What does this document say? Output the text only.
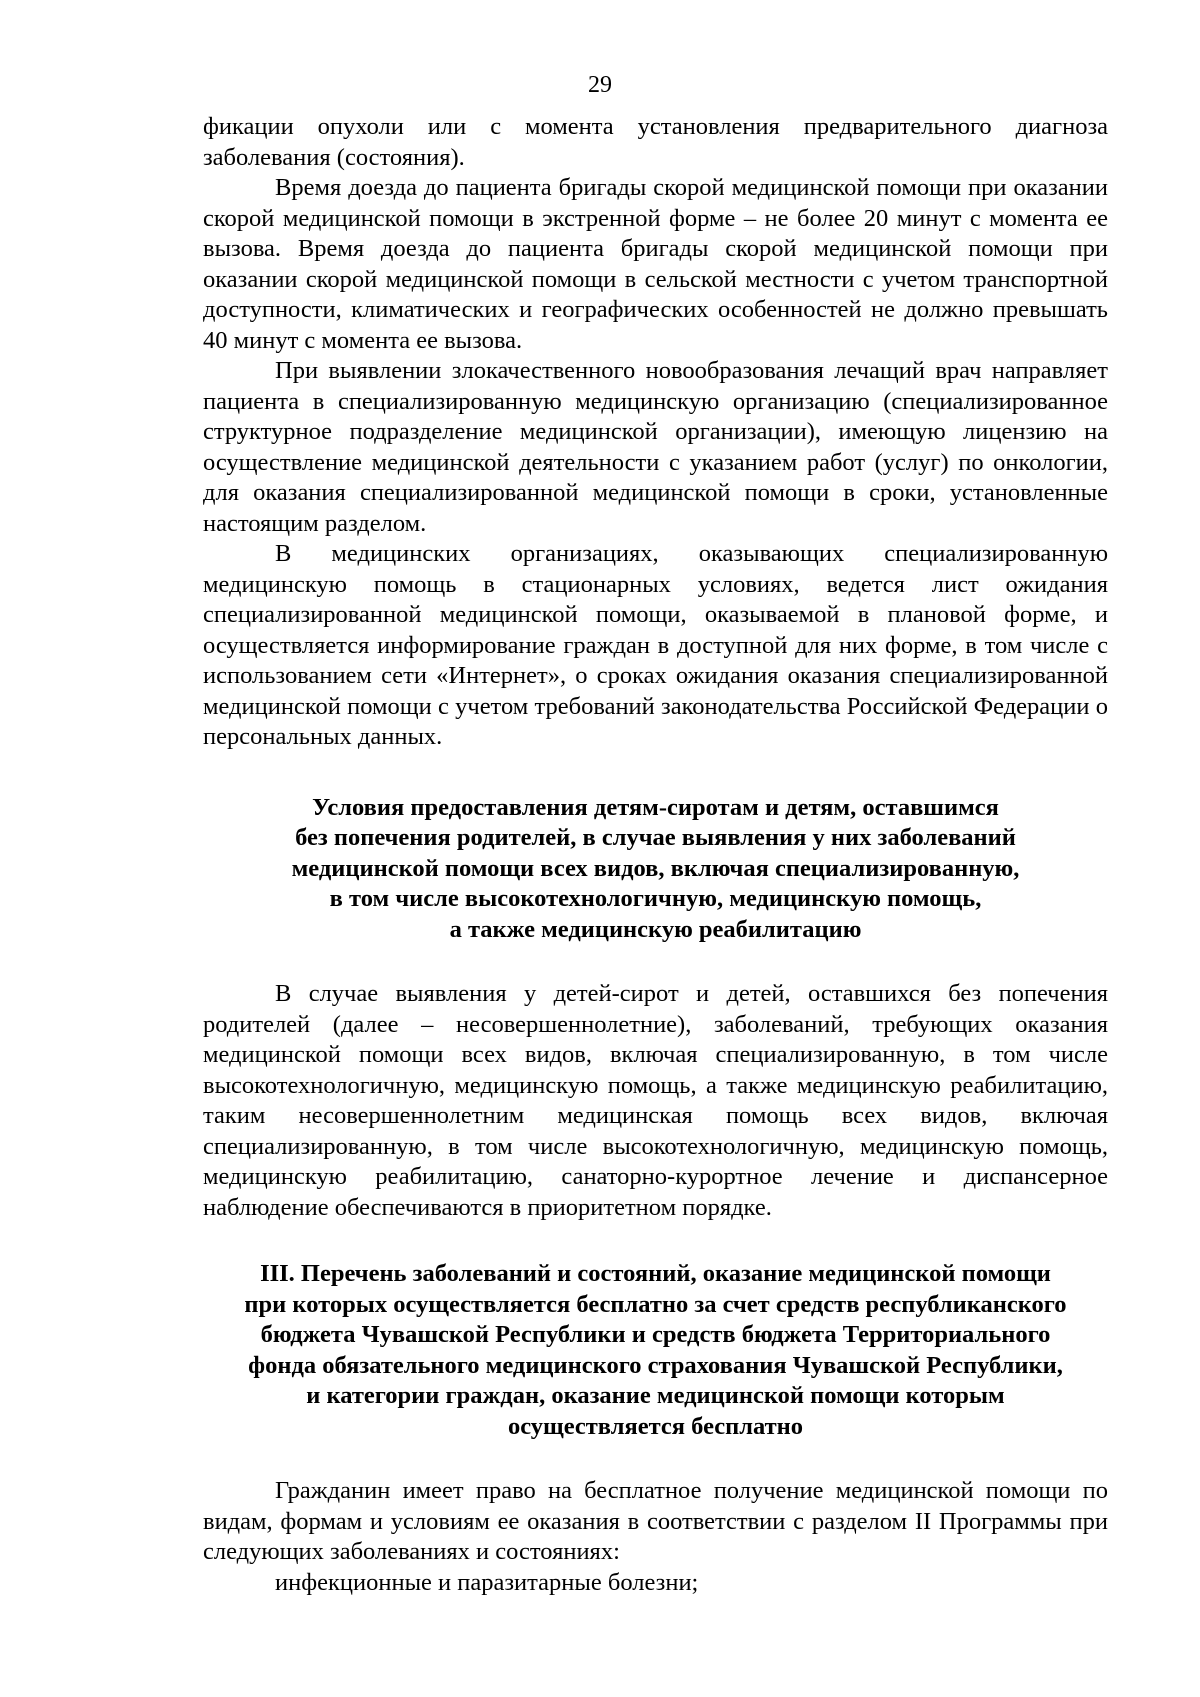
29

фикации опухоли или с момента установления предварительного диагноза заболевания (состояния).

Время доезда до пациента бригады скорой медицинской помощи при оказании скорой медицинской помощи в экстренной форме – не более 20 минут с момента ее вызова. Время доезда до пациента бригады скорой медицинской помощи при оказании скорой медицинской помощи в сельской местности с учетом транспортной доступности, климатических и географических особенностей не должно превышать 40 минут с момента ее вызова.

При выявлении злокачественного новообразования лечащий врач направляет пациента в специализированную медицинскую организацию (специализированное структурное подразделение медицинской организации), имеющую лицензию на осуществление медицинской деятельности с указанием работ (услуг) по онкологии, для оказания специализированной медицинской помощи в сроки, установленные настоящим разделом.

В медицинских организациях, оказывающих специализированную медицинскую помощь в стационарных условиях, ведется лист ожидания специализированной медицинской помощи, оказываемой в плановой форме, и осуществляется информирование граждан в доступной для них форме, в том числе с использованием сети «Интернет», о сроках ожидания оказания специализированной медицинской помощи с учетом требований законодательства Российской Федерации о персональных данных.

Условия предоставления детям-сиротам и детям, оставшимся
без попечения родителей, в случае выявления у них заболеваний
медицинской помощи всех видов, включая специализированную,
в том числе высокотехнологичную, медицинскую помощь,
а также медицинскую реабилитацию

В случае выявления у детей-сирот и детей, оставшихся без попечения родителей (далее – несовершеннолетние), заболеваний, требующих оказания медицинской помощи всех видов, включая специализированную, в том числе высокотехнологичную, медицинскую помощь, а также медицинскую реабилитацию, таким несовершеннолетним медицинская помощь всех видов, включая специализированную, в том числе высокотехнологичную, медицинскую помощь, медицинскую реабилитацию, санаторно-курортное лечение и диспансерное наблюдение обеспечиваются в приоритетном порядке.

III. Перечень заболеваний и состояний, оказание медицинской помощи
при которых осуществляется бесплатно за счет средств республиканского
бюджета Чувашской Республики и средств бюджета Территориального
фонда обязательного медицинского страхования Чувашской Республики,
и категории граждан, оказание медицинской помощи которым
осуществляется бесплатно

Гражданин имеет право на бесплатное получение медицинской помощи по видам, формам и условиям ее оказания в соответствии с разделом II Программы при следующих заболеваниях и состояниях:

инфекционные и паразитарные болезни;
